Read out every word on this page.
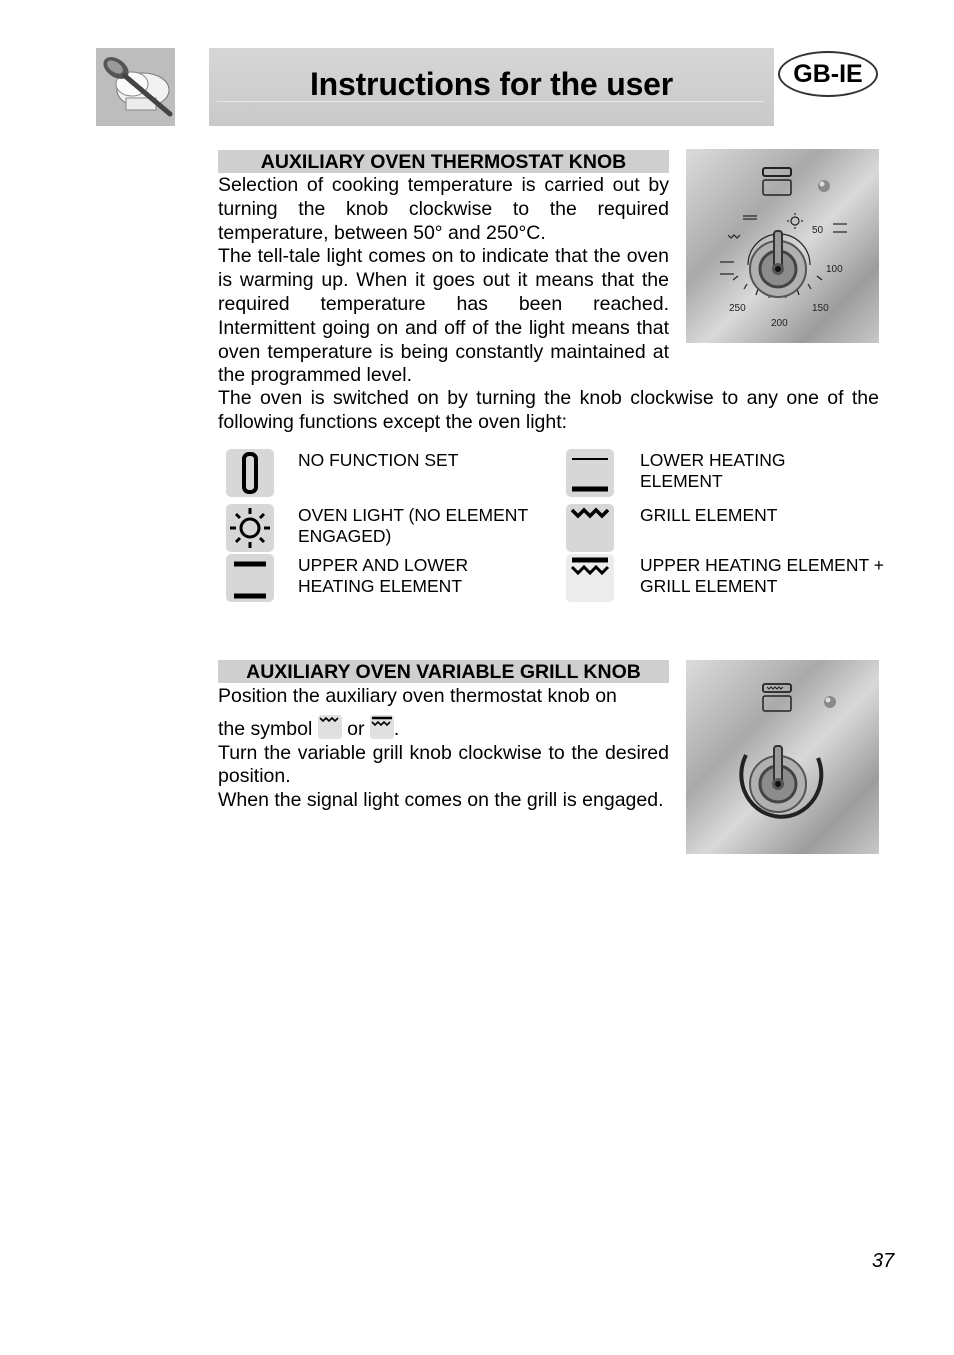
Instructions for the user	GB-IE
AUXILIARY OVEN THERMOSTAT KNOB

Selection of cooking temperature is carried out by turning the knob clockwise to the required temperature, between 50° and 250°C.

The tell-tale light comes on to indicate that the oven is warming up. When it goes out it means that the required temperature has been reached. Intermittent going on and off of the light means that oven temperature is being constantly maintained at the programmed level.

The oven is switched on by turning the knob clockwise to any one of the following functions except the oven light:
50
100
150
200
250
NO FUNCTION SET	LOWER HEATING ELEMENT
OVEN LIGHT (NO ELEMENT ENGAGED)
GRILL ELEMENT
UPPER AND LOWER HEATING ELEMENT
UPPER HEATING ELEMENT + GRILL ELEMENT
AUXILIARY OVEN VARIABLE GRILL KNOB

Position the auxiliary oven thermostat knob on

the symbol or .

Turn the variable grill knob clockwise to the desired

position.

When the signal light comes on the grill is engaged.

37
